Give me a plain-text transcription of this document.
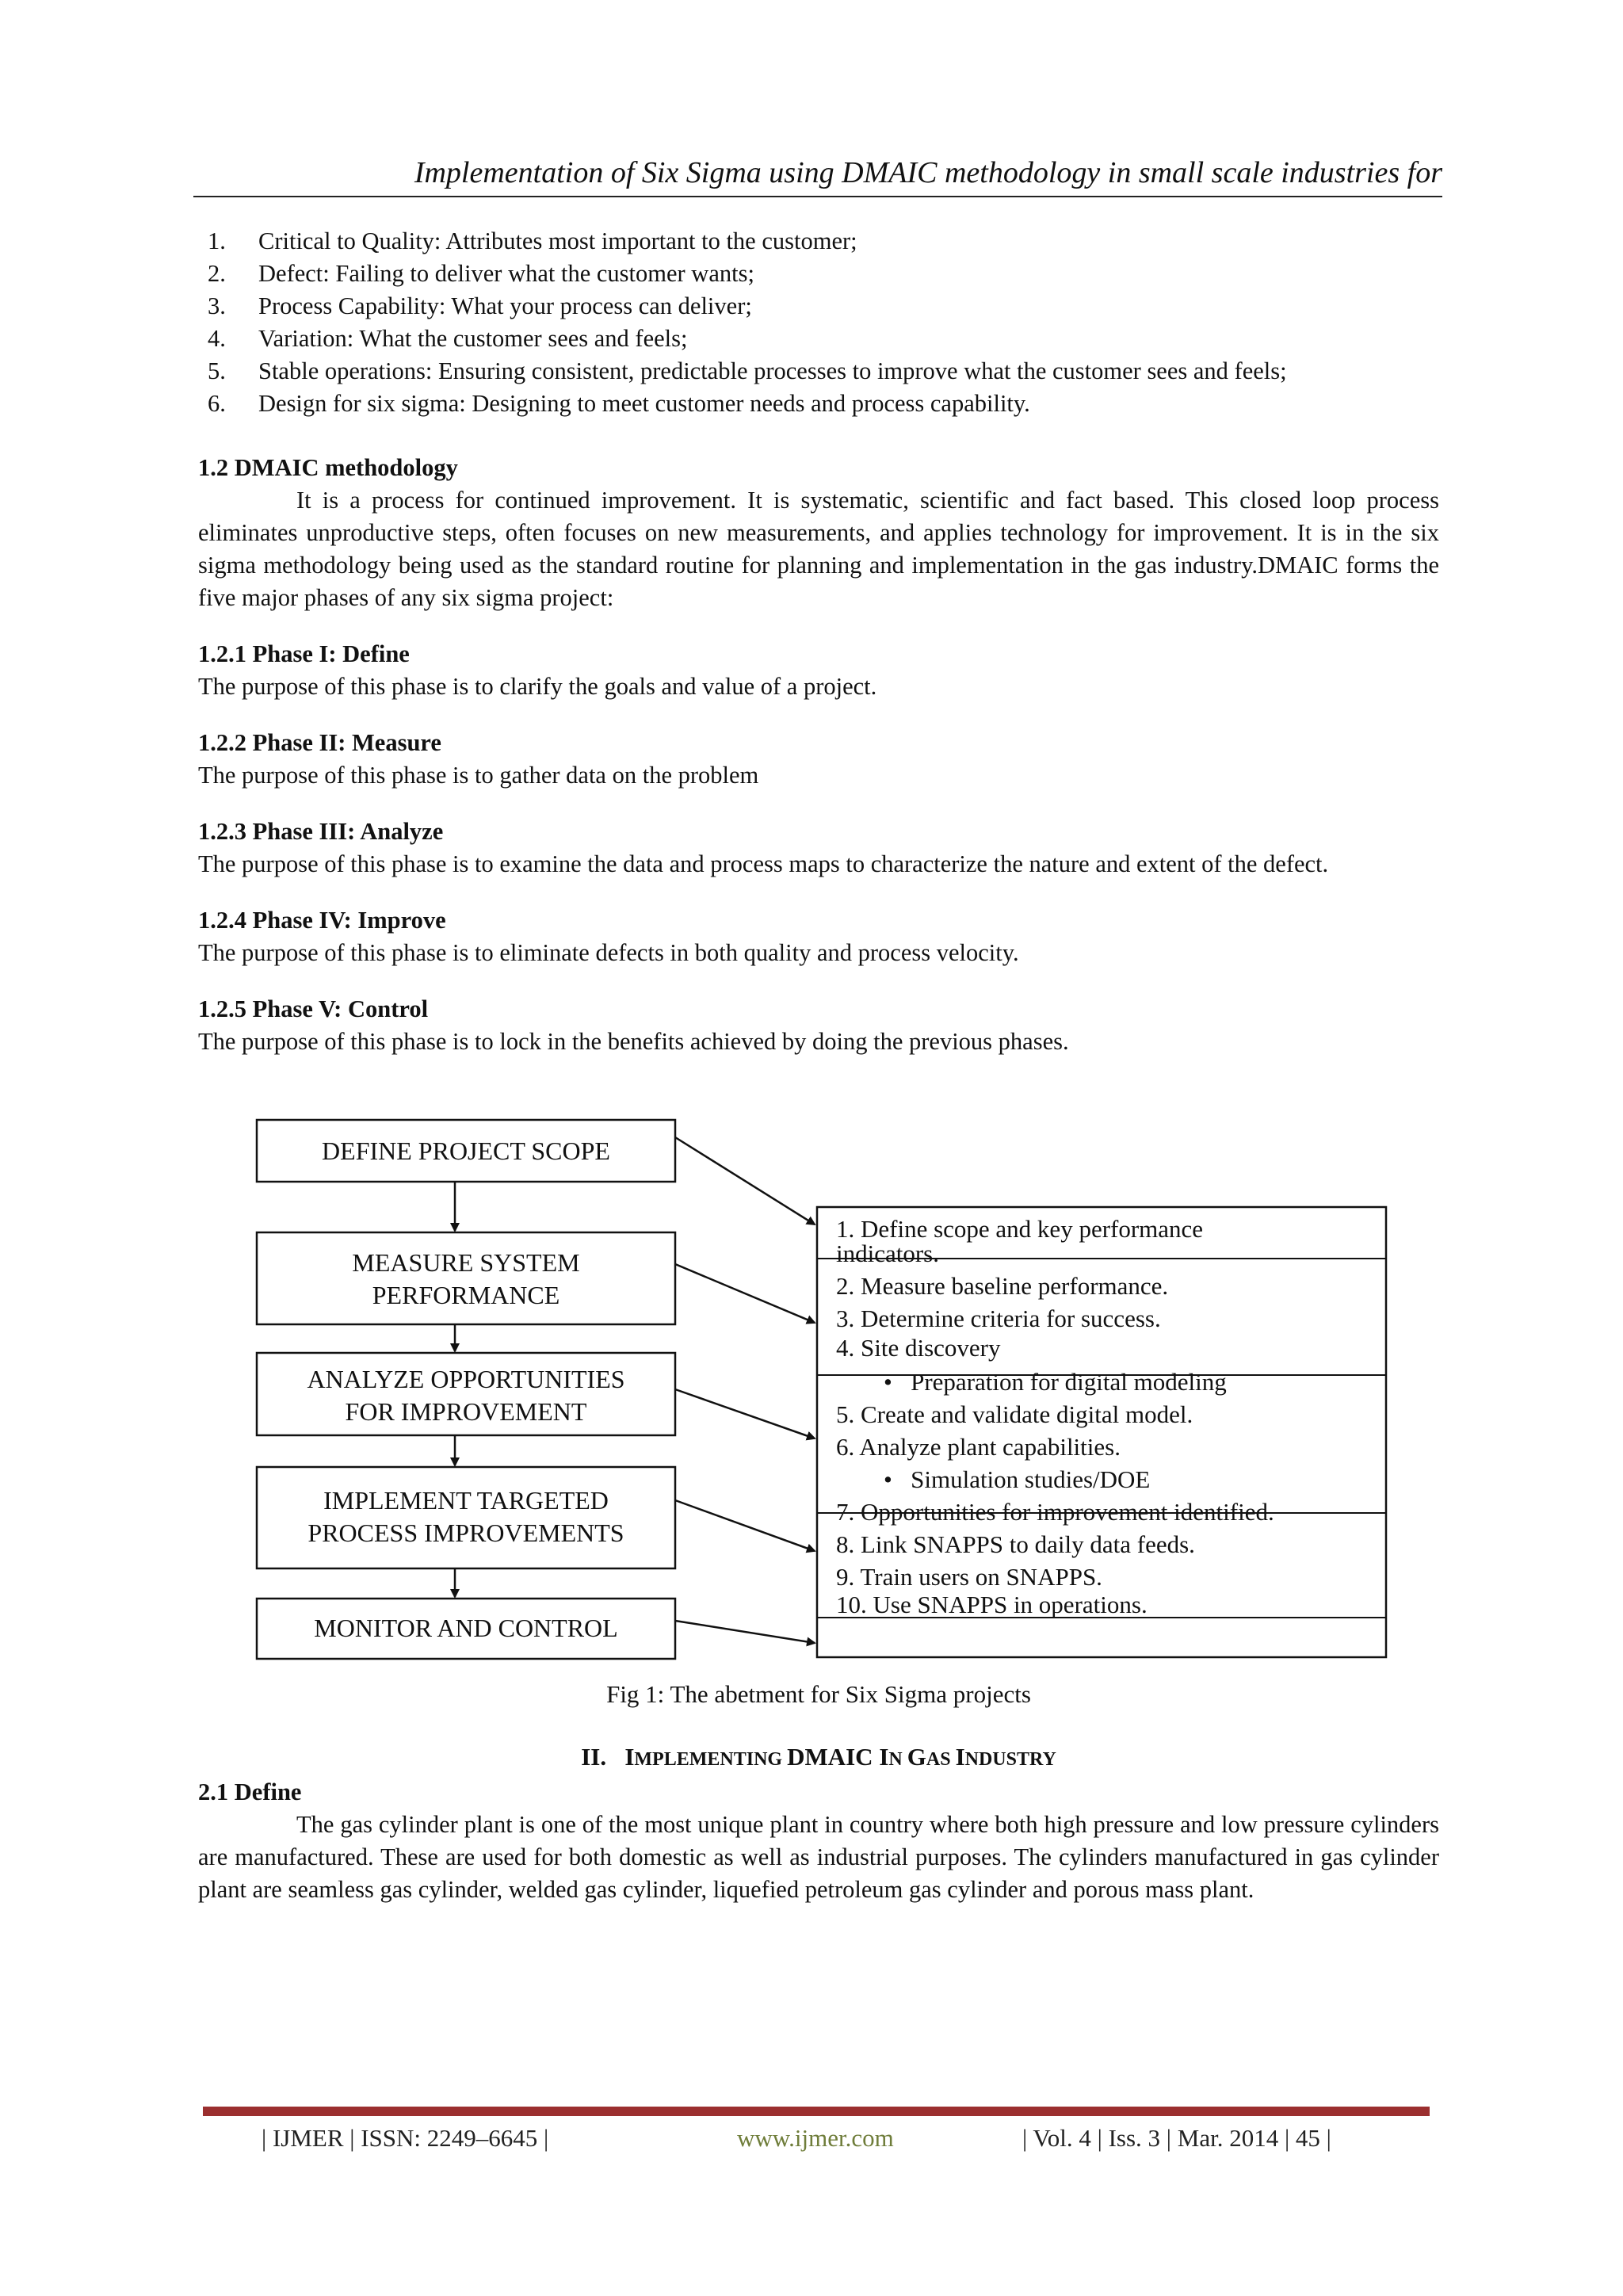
Implementation of Six Sigma using DMAIC methodology in small scale industries for
1. Critical to Quality: Attributes most important to the customer;
2. Defect: Failing to deliver what the customer wants;
3. Process Capability: What your process can deliver;
4. Variation: What the customer sees and feels;
5. Stable operations: Ensuring consistent, predictable processes to improve what the customer sees and feels;
6. Design for six sigma: Designing to meet customer needs and process capability.
1.2 DMAIC methodology

It is a process for continued improvement. It is systematic, scientific and fact based. This closed loop process eliminates unproductive steps, often focuses on new measurements, and applies technology for improvement. It is in the six sigma methodology being used as the standard routine for planning and implementation in the gas industry.DMAIC forms the five major phases of any six sigma project:

1.2.1 Phase I: Define

The purpose of this phase is to clarify the goals and value of a project.

1.2.2 Phase II: Measure

The purpose of this phase is to gather data on the problem

1.2.3 Phase III: Analyze

The purpose of this phase is to examine the data and process maps to characterize the nature and extent of the defect.

1.2.4 Phase IV: Improve

The purpose of this phase is to eliminate defects in both quality and process velocity.

1.2.5 Phase V: Control

The purpose of this phase is to lock in the benefits achieved by doing the previous phases.

DEFINE PROJECT SCOPE
MEASURE SYSTEM
PERFORMANCE
ANALYZE OPPORTUNITIES
FOR IMPROVEMENT
IMPLEMENT TARGETED
PROCESS IMPROVEMENTS
MONITOR AND CONTROL
1. Define scope and key performance
indicators.
2. Measure baseline performance.
3. Determine criteria for success.
4. Site discovery
• Preparation for digital modeling
5. Create and validate digital model.
6. Analyze plant capabilities.
• Simulation studies/DOE
7. Opportunities for improvement identified.
8. Link SNAPPS to daily data feeds.
9. Train users on SNAPPS.
10. Use SNAPPS in operations.
Fig 1: The abetment for Six Sigma projects
II. IMPLEMENTING DMAIC IN GAS INDUSTRY
2.1 Define

The gas cylinder plant is one of the most unique plant in country where both high pressure and low pressure cylinders are manufactured. These are used for both domestic as well as industrial purposes. The cylinders manufactured in gas cylinder plant are seamless gas cylinder, welded gas cylinder, liquefied petroleum gas cylinder and porous mass plant.

| IJMER | ISSN: 2249–6645 |	www.ijmer.com	| Vol. 4 | Iss. 3 | Mar. 2014 | 45 |
